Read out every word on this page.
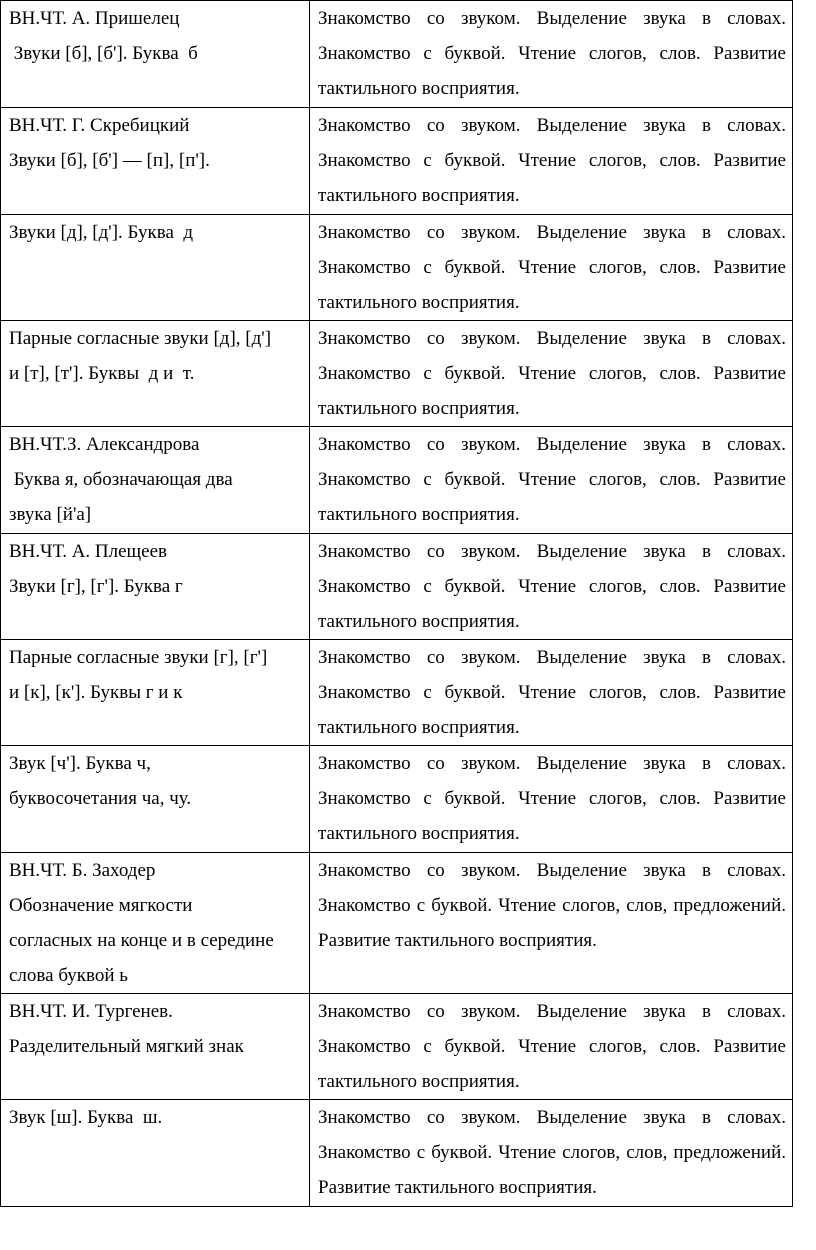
ВН.ЧТ. А. Пришелец
Звуки [б], [б']. Буква  б	Знакомство со звуком. Выделение звука в словах. Знакомство с буквой. Чтение слогов, слов. Развитие тактильного восприятия.

ВН.ЧТ. Г. Скребицкий
Звуки [б], [б'] — [п], [п'].	Знакомство со звуком. Выделение звука в словах. Знакомство с буквой. Чтение слогов, слов. Развитие тактильного восприятия.

Звуки [д], [д']. Буква  д	Знакомство со звуком. Выделение звука в словах. Знакомство с буквой. Чтение слогов, слов. Развитие тактильного восприятия.

Парные согласные звуки [д], [д']
и [т], [т']. Буквы  д и  т.	Знакомство со звуком. Выделение звука в словах. Знакомство с буквой. Чтение слогов, слов. Развитие тактильного восприятия.

ВН.ЧТ.З. Александрова
Буква я, обозначающая два
звука [й'а]	Знакомство со звуком. Выделение звука в словах. Знакомство с буквой. Чтение слогов, слов. Развитие тактильного восприятия.

ВН.ЧТ. А. Плещеев
Звуки [г], [г']. Буква г	Знакомство со звуком. Выделение звука в словах. Знакомство с буквой. Чтение слогов, слов. Развитие тактильного восприятия.

Парные согласные звуки [г], [г']
и [к], [к']. Буквы г и к	Знакомство со звуком. Выделение звука в словах. Знакомство с буквой. Чтение слогов, слов. Развитие тактильного восприятия.

Звук [ч']. Буква ч,
буквосочетания ча, чу.	Знакомство со звуком. Выделение звука в словах. Знакомство с буквой. Чтение слогов, слов. Развитие тактильного восприятия.

ВН.ЧТ. Б. Заходер
Обозначение мягкости
согласных на конце и в середине
слова буквой ь	Знакомство со звуком. Выделение звука в словах. Знакомство с буквой. Чтение слогов, слов, предложений. Развитие тактильного восприятия.

ВН.ЧТ. И. Тургенев.
Разделительный мягкий знак	Знакомство со звуком. Выделение звука в словах. Знакомство с буквой. Чтение слогов, слов. Развитие тактильного восприятия.

Звук [ш]. Буква  ш.	Знакомство со звуком. Выделение звука в словах. Знакомство с буквой. Чтение слогов, слов, предложений. Развитие тактильного восприятия.
